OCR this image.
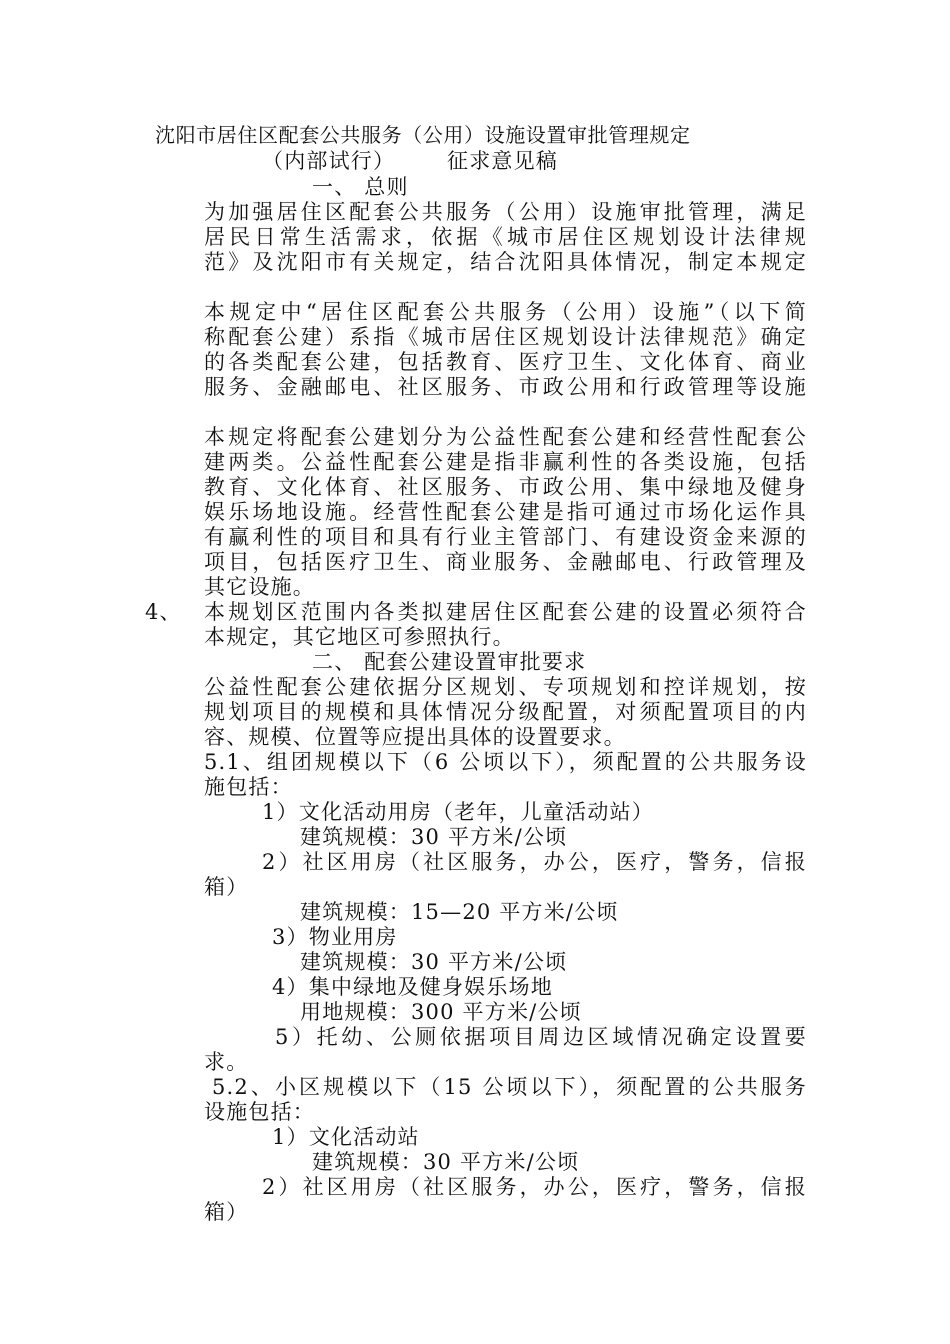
沈阳市居住区配套公共服务（公用）设施设置审批管理规定
（内部试行） 征求意见稿
一、 总则
为加强居住区配套公共服务（公用）设施审批管理，满足
居民日常生活需求，依据《城市居住区规划设计法律规
范》及沈阳市有关规定，结合沈阳具体情况，制定本规定
本规定中“居住区配套公共服务（公用）设施”（以下简
称配套公建）系指《城市居住区规划设计法律规范》确定
的各类配套公建，包括教育、医疗卫生、文化体育、商业
服务、金融邮电、社区服务、市政公用和行政管理等设施
本规定将配套公建划分为公益性配套公建和经营性配套公
建两类。公益性配套公建是指非赢利性的各类设施，包括
教育、文化体育、社区服务、市政公用、集中绿地及健身
娱乐场地设施。经营性配套公建是指可通过市场化运作具
有赢利性的项目和具有行业主管部门、有建设资金来源的
项目，包括医疗卫生、商业服务、金融邮电、行政管理及
其它设施。
4、 本规划区范围内各类拟建居住区配套公建的设置必须符合
本规定，其它地区可参照执行。
二、 配套公建设置审批要求
公益性配套公建依据分区规划、专项规划和控详规划，按
规划项目的规模和具体情况分级配置，对须配置项目的内
容、规模、位置等应提出具体的设置要求。
5.1、组团规模以下（6 公顷以下），须配置的公共服务设
施包括：
1）文化活动用房（老年，儿童活动站）
建筑规模：30 平方米/公顷
2）社区用房（社区服务，办公，医疗，警务，信报
箱）
建筑规模：15—20 平方米/公顷
3）物业用房
建筑规模：30 平方米/公顷
4）集中绿地及健身娱乐场地
用地规模：300 平方米/公顷
5）托幼、公厕依据项目周边区域情况确定设置要
求。
5.2、小区规模以下（15 公顷以下），须配置的公共服务
设施包括：
1）文化活动站
建筑规模：30 平方米/公顷
2）社区用房（社区服务，办公，医疗，警务，信报
箱）
